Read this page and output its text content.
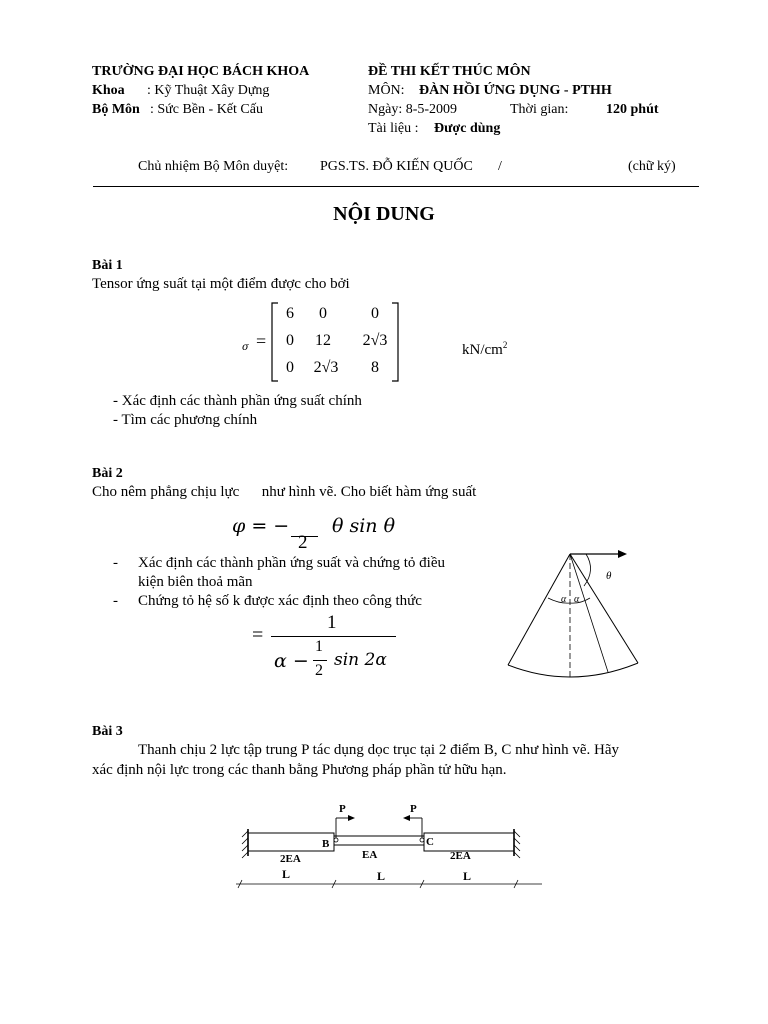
TRƯỜNG ĐẠI HỌC BÁCH KHOA
Khoa : Kỹ Thuật Xây Dựng
Bộ Môn : Sức Bền - Kết Cấu
ĐỀ THI KẾT THÚC MÔN
MÔN: ĐÀN HỒI ỨNG DỤNG - PTHH
Ngày: 8-5-2009	Thời gian:	120 phút
Tài liệu : Được dùng
Chủ nhiệm Bộ Môn duyệt: PGS.TS. ĐỖ KIẾN QUỐC /	(chữ ký)
NỘI DUNG
Bài 1
Tensor ứng suất tại một điểm được cho bởi
σ =
6	0	0
0	12	2√3
0	2√3	8
$kN/cm^2$
- Xác định các thành phần ứng suất chính
- Tìm các phương chính
Bài 2
Cho nêm phẳng chịu lực      như hình vẽ. Cho biết hàm ứng suất
φ = −
2
θ sin θ
- Xác định các thành phần ứng suất và chứng tỏ điều
kiện biên thoả mãn
- Chứng tỏ hệ số k được xác định theo công thức
=
1
α −
1
2
sin 2α
θ
α α
Bài 3
Thanh chịu 2 lực tập trung P tác dụng dọc trục tại 2 điểm B, C như hình vẽ. Hãy
xác định nội lực trong các thanh bằng Phương pháp phần tử hữu hạn.
P	P
B	C
2EA	EA	2EA
L	L	L
